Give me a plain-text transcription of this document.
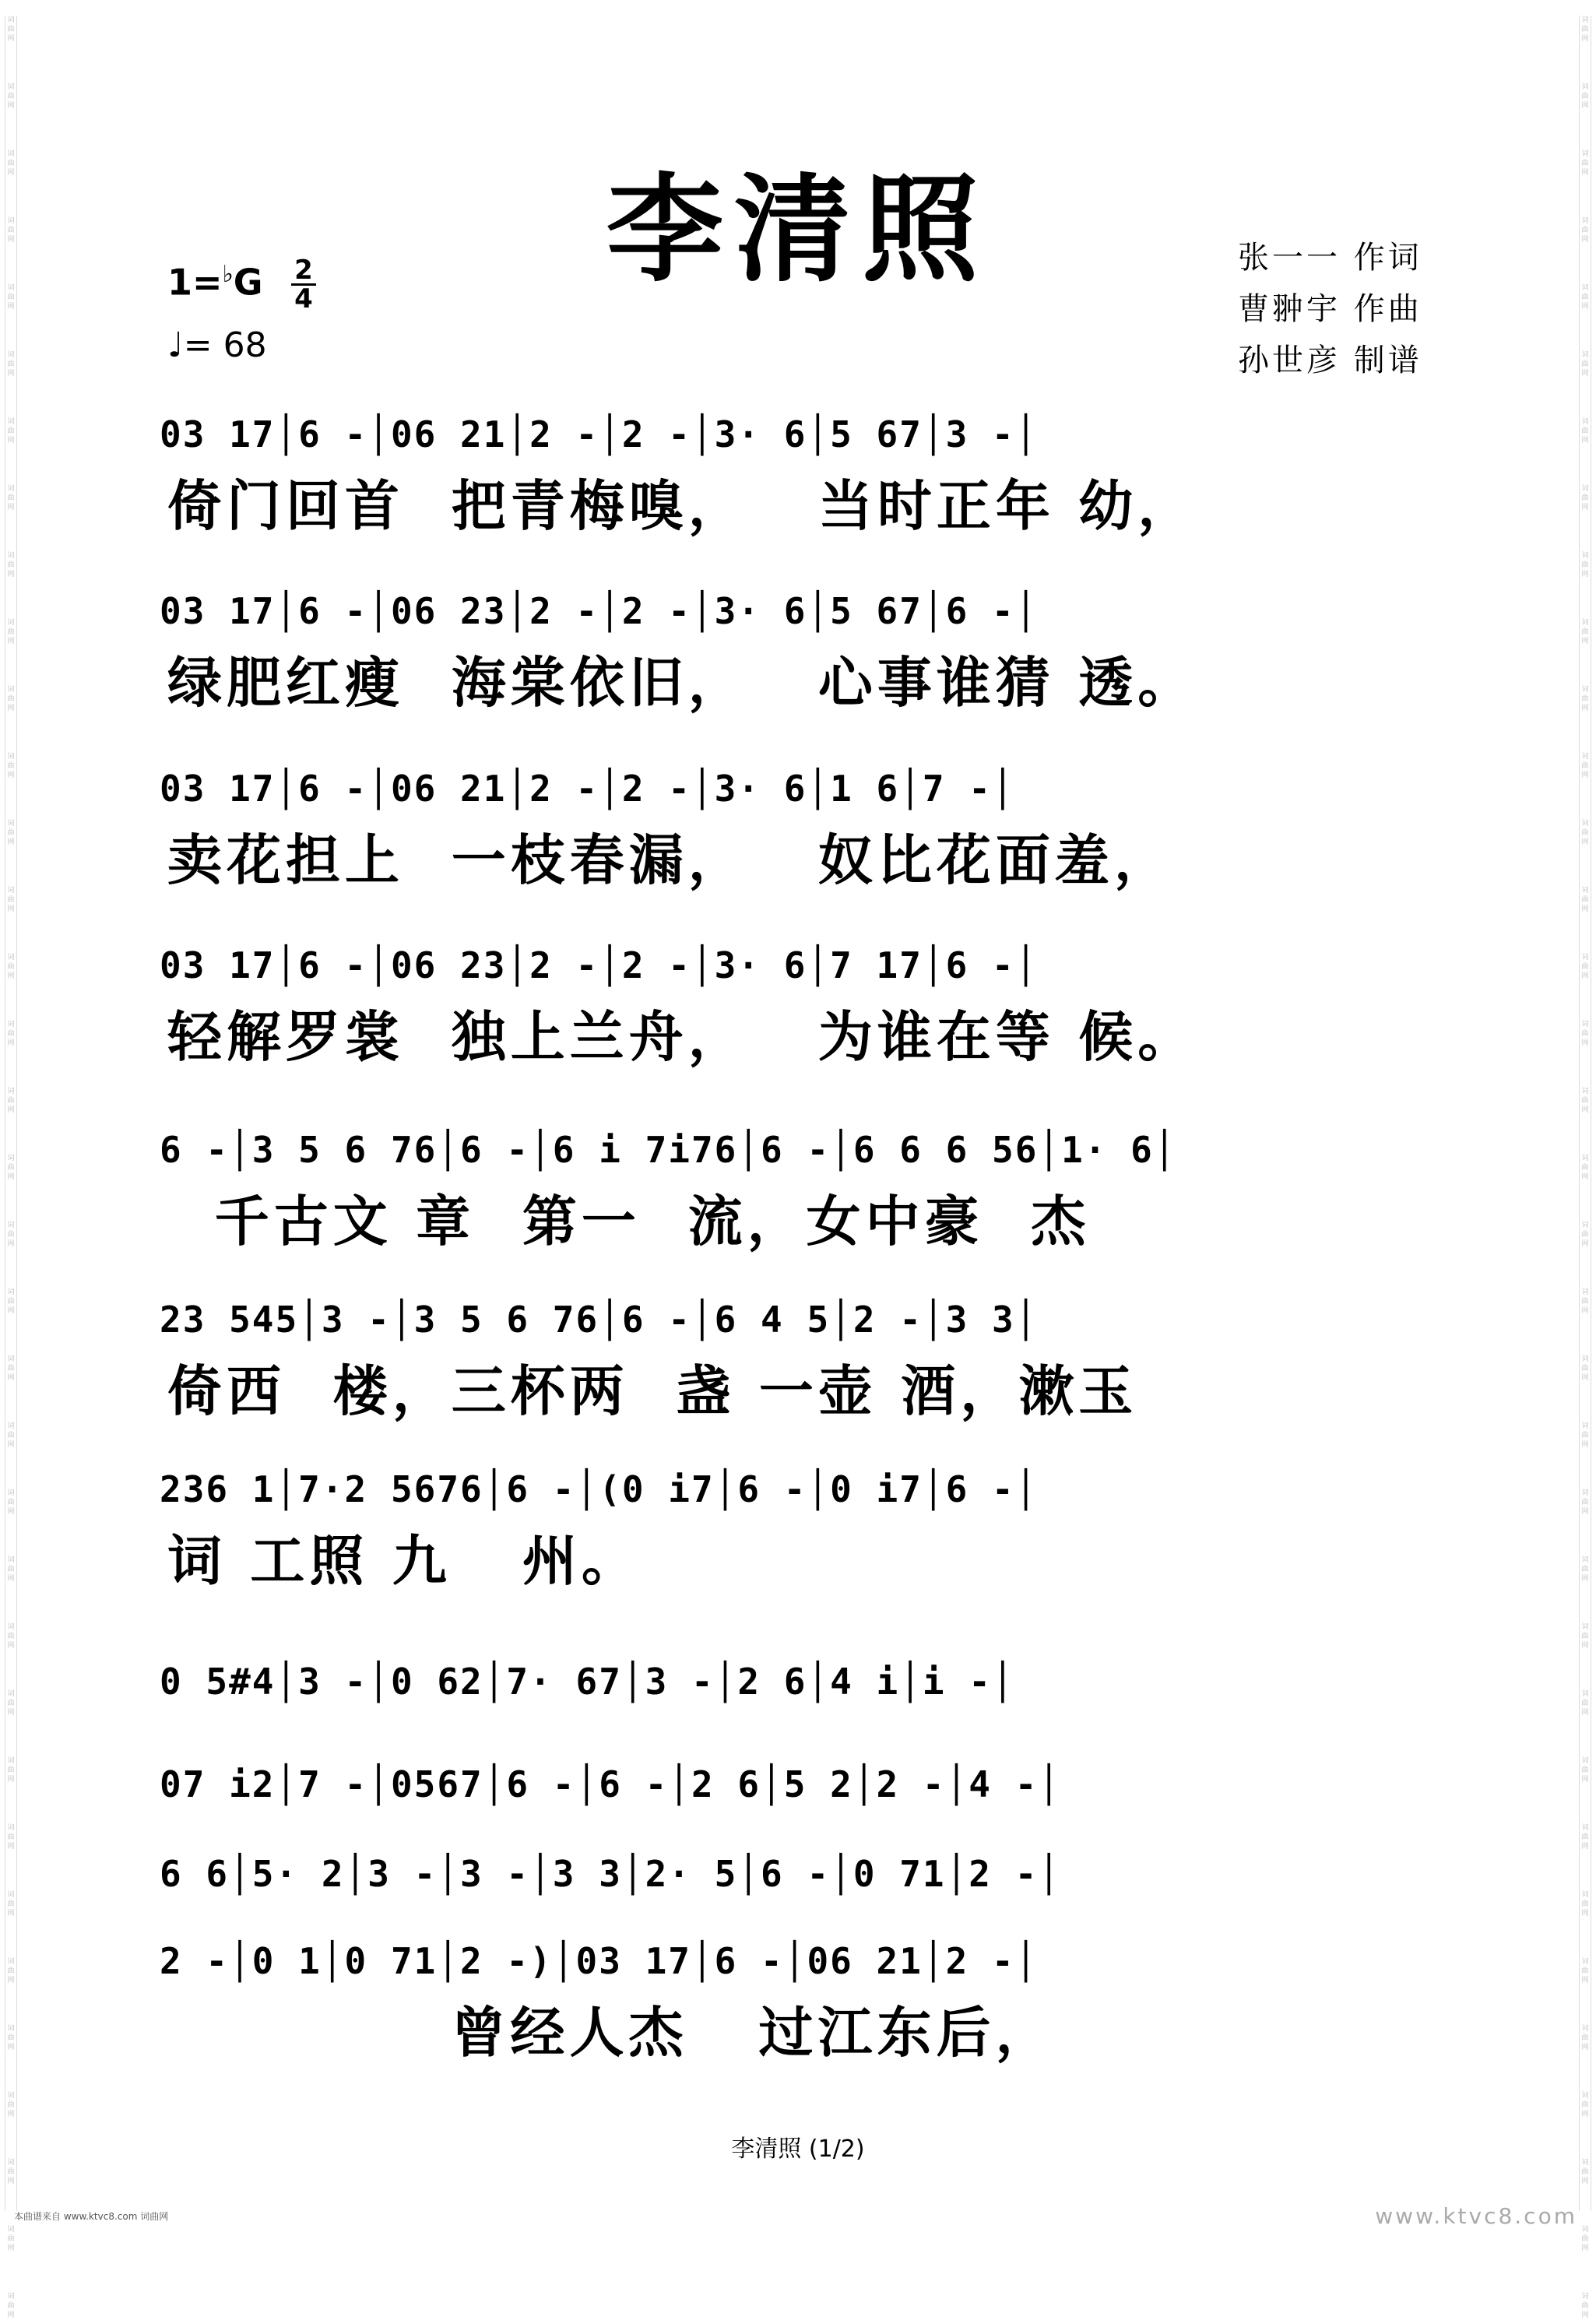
词曲网
词曲网
词曲网
词曲网
词曲网
词曲网
词曲网
词曲网
词曲网
词曲网
词曲网
词曲网
词曲网
词曲网
词曲网
词曲网
词曲网
词曲网
词曲网
词曲网
词曲网
词曲网
词曲网
词曲网
词曲网
词曲网
词曲网
词曲网
词曲网
词曲网
词曲网
词曲网
词曲网
词曲网
词曲网
词曲网
词曲网
词曲网
词曲网
词曲网
词曲网
词曲网
词曲网
词曲网
词曲网
词曲网
词曲网
词曲网
词曲网
词曲网
词曲网
词曲网
词曲网
词曲网
词曲网
词曲网
词曲网
词曲网
词曲网
词曲网
词曲网
词曲网
词曲网
词曲网
词曲网
词曲网
词曲网
词曲网
词曲网
词曲网
李清照
1=♭G 2
4
♩= 68
张一一 作词
曹翀宇 作曲
孙世彦 制谱
03 17│6 -│06 21│2 -│2 -│3· 6│5 67│3 -│
倚门回首  把青梅嗅，   当时正年 幼，
03 17│6 -│06 23│2 -│2 -│3· 6│5 67│6 -│
绿肥红瘦  海棠依旧，   心事谁猜 透。
03 17│6 -│06 21│2 -│2 -│3· 6│1 6│7 -│
卖花担上  一枝春漏，   奴比花面羞，
03 17│6 -│06 23│2 -│2 -│3· 6│7 17│6 -│
轻解罗裳  独上兰舟，   为谁在等 候。
6 -│3 5 6 76│6 -│6 i 7i76│6 -│6 6 6 56│1· 6│
千古文 章  第一  流，女中豪  杰
23 545│3 -│3 5 6 76│6 -│6 4 5│2 -│3 3│
倚西  楼，三杯两  盏 一壶 酒，漱玉
236 1│7·2 5676│6 -│(0 i7│6 -│0 i7│6 -│
词 工照 九   州。
0 5#4│3 -│0 62│7· 67│3 -│2 6│4 i│i -│
07 i2│7 -│0567│6 -│6 -│2 6│5 2│2 -│4 -│
6 6│5· 2│3 -│3 -│3 3│2· 5│6 -│0 71│2 -│
2 -│0 1│0 71│2 -)│03 17│6 -│06 21│2 -│
曾经人杰   过江东后，
李清照 (1/2)
本曲谱来自 www.ktvc8.com 词曲网	www.ktvc8.com
